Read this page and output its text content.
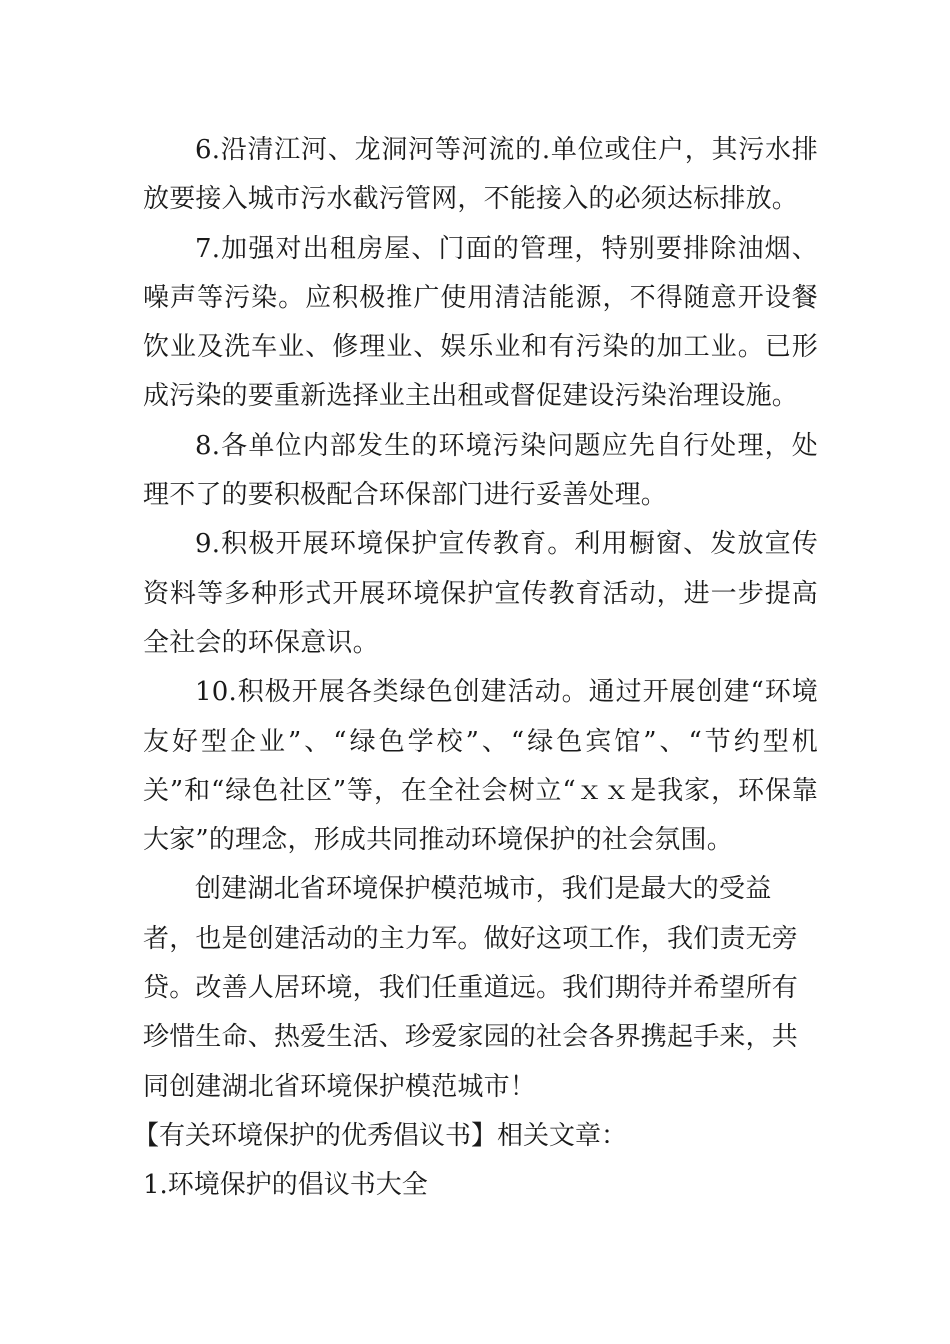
6.沿清江河、龙洞河等河流的.单位或住户，其污水排放要接入城市污水截污管网，不能接入的必须达标排放。

7.加强对出租房屋、门面的管理，特别要排除油烟、噪声等污染。应积极推广使用清洁能源，不得随意开设餐饮业及洗车业、修理业、娱乐业和有污染的加工业。已形成污染的要重新选择业主出租或督促建设污染治理设施。

8.各单位内部发生的环境污染问题应先自行处理，处理不了的要积极配合环保部门进行妥善处理。

9.积极开展环境保护宣传教育。利用橱窗、发放宣传资料等多种形式开展环境保护宣传教育活动，进一步提高全社会的环保意识。

10.积极开展各类绿色创建活动。通过开展创建“环境友好型企业”、“绿色学校”、“绿色宾馆”、“节约型机关”和“绿色社区”等，在全社会树立“ｘｘ是我家，环保靠大家”的理念，形成共同推动环境保护的社会氛围。

创建湖北省环境保护模范城市，我们是最大的受益者，也是创建活动的主力军。做好这项工作，我们责无旁贷。改善人居环境，我们任重道远。我们期待并希望所有珍惜生命、热爱生活、珍爱家园的社会各界携起手来，共同创建湖北省环境保护模范城市！

【有关环境保护的优秀倡议书】相关文章：

1.环境保护的倡议书大全
